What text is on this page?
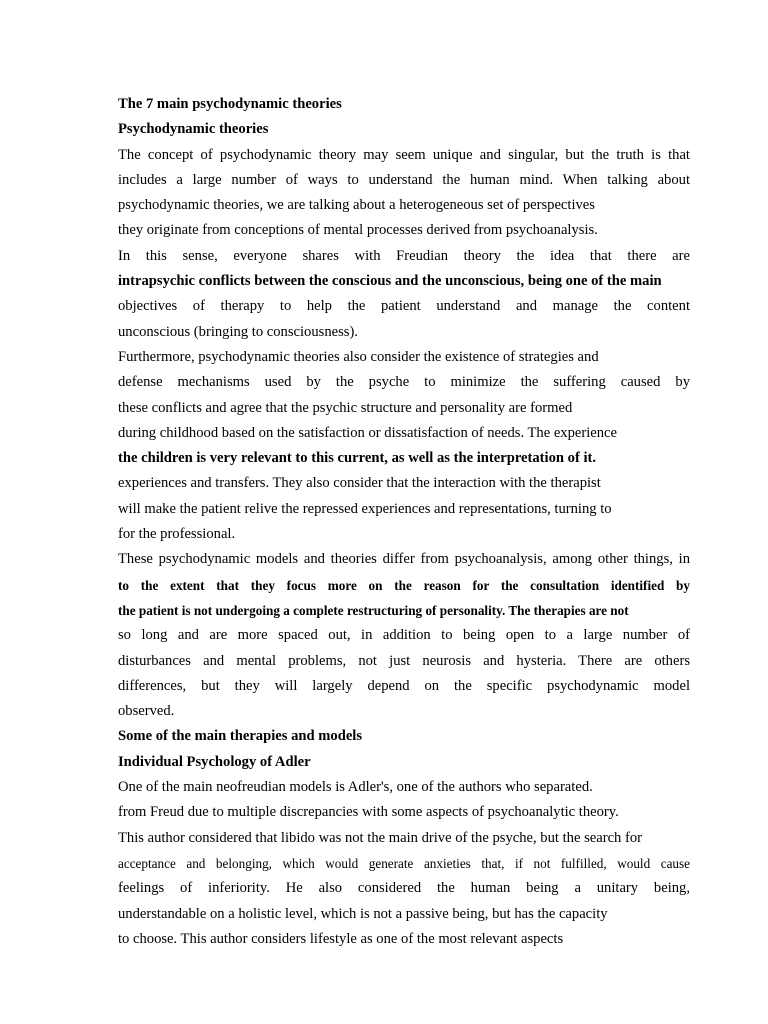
The 7 main psychodynamic theories
Psychodynamic theories
The concept of psychodynamic theory may seem unique and singular, but the truth is that
includes a large number of ways to understand the human mind. When talking about
psychodynamic theories, we are talking about a heterogeneous set of perspectives
they originate from conceptions of mental processes derived from psychoanalysis.
In this sense, everyone shares with Freudian theory the idea that there are
intrapsychic conflicts between the conscious and the unconscious, being one of the main
objectives of therapy to help the patient understand and manage the content
unconscious (bringing to consciousness).
Furthermore, psychodynamic theories also consider the existence of strategies and
defense mechanisms used by the psyche to minimize the suffering caused by
these conflicts and agree that the psychic structure and personality are formed
during childhood based on the satisfaction or dissatisfaction of needs. The experience
the children is very relevant to this current, as well as the interpretation of it.
experiences and transfers. They also consider that the interaction with the therapist
will make the patient relive the repressed experiences and representations, turning to
for the professional.
These psychodynamic models and theories differ from psychoanalysis, among other things, in
to the extent that they focus more on the reason for the consultation identified by
the patient is not undergoing a complete restructuring of personality. The therapies are not
so long and are more spaced out, in addition to being open to a large number of
disturbances and mental problems, not just neurosis and hysteria. There are others
differences, but they will largely depend on the specific psychodynamic model
observed.
Some of the main therapies and models
Individual Psychology of Adler
One of the main neofreudian models is Adler's, one of the authors who separated.
from Freud due to multiple discrepancies with some aspects of psychoanalytic theory.
This author considered that libido was not the main drive of the psyche, but the search for
acceptance and belonging, which would generate anxieties that, if not fulfilled, would cause
feelings of inferiority. He also considered the human being a unitary being,
understandable on a holistic level, which is not a passive being, but has the capacity
to choose. This author considers lifestyle as one of the most relevant aspects
